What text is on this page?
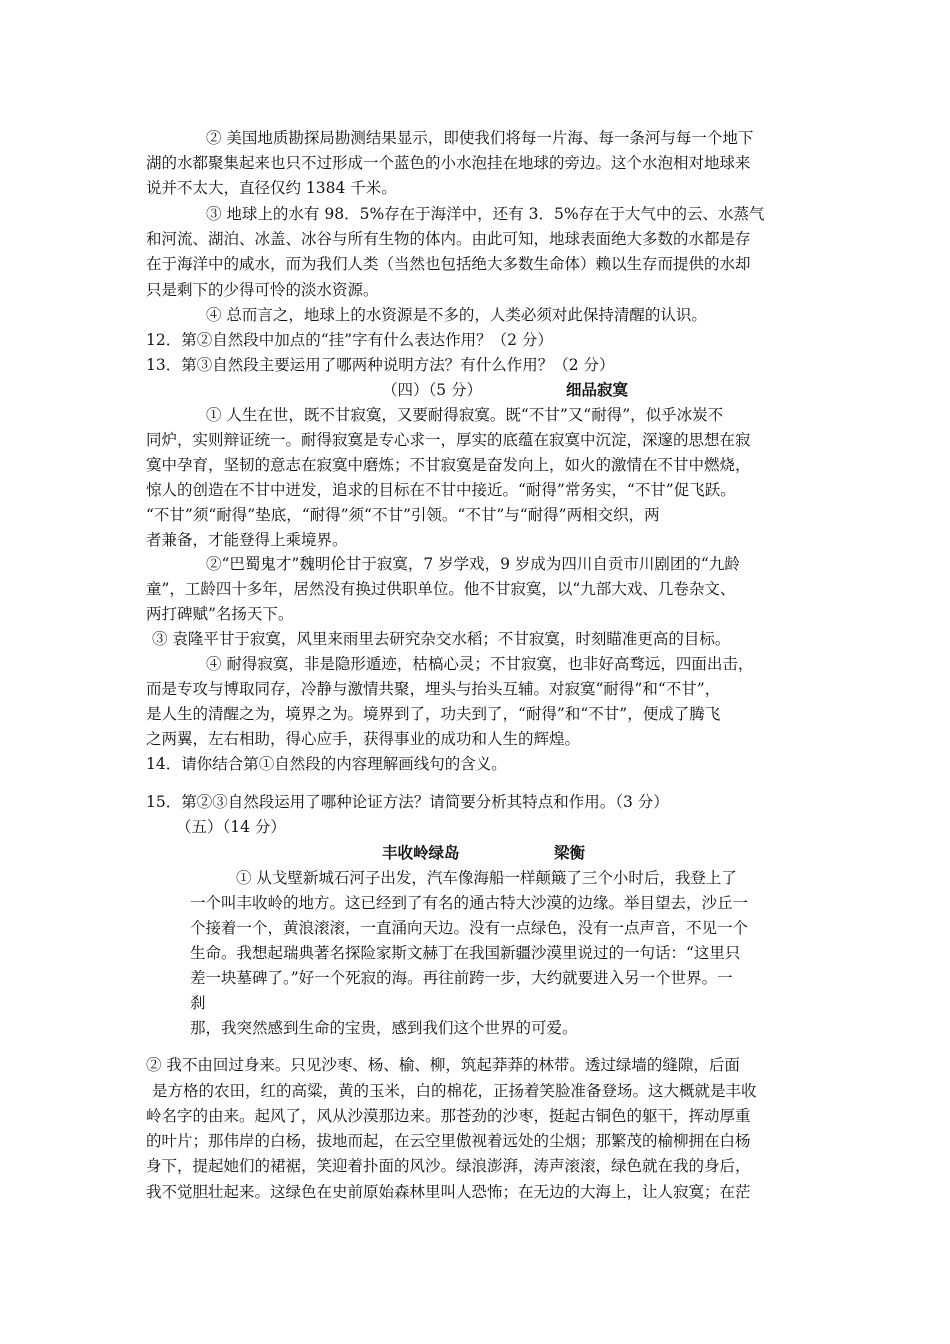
② 美国地质勘探局勘测结果显示，即使我们将每一片海、每一条河与每一个地下
湖的水都聚集起来也只不过形成一个蓝色的小水泡挂在地球的旁边。这个水泡相对地球来
说并不太大，直径仅约 1384 千米。
③ 地球上的水有 98．5%存在于海洋中，还有 3．5%存在于大气中的云、水蒸气
和河流、湖泊、冰盖、冰谷与所有生物的体内。由此可知，地球表面绝大多数的水都是存
在于海洋中的咸水，而为我们人类（当然也包括绝大多数生命体）赖以生存而提供的水却
只是剩下的少得可怜的淡水资源。
④ 总而言之，地球上的水资源是不多的，人类必须对此保持清醒的认识。
12．第②自然段中加点的“挂”字有什么表达作用？（2 分）
13．第③自然段主要运用了哪两种说明方法？有什么作用？（2 分）
（四）（5 分）	细品寂寞
① 人生在世，既不甘寂寞，又要耐得寂寞。既“不甘”又“耐得”，似乎冰炭不
同炉，实则辩证统一。耐得寂寞是专心求一，厚实的底蕴在寂寞中沉淀，深邃的思想在寂
寞中孕育，坚韧的意志在寂寞中磨炼；不甘寂寞是奋发向上，如火的激情在不甘中燃烧，
惊人的创造在不甘中迸发，追求的目标在不甘中接近。“耐得”常务实，“不甘”促飞跃。
“不甘”须“耐得”垫底，“耐得”须“不甘”引领。“不甘”与“耐得”两相交织，两
者兼备，才能登得上乘境界。
②“巴蜀鬼才”魏明伦甘于寂寞，7 岁学戏，9 岁成为四川自贡市川剧团的“九龄
童”，工龄四十多年，居然没有换过供职单位。他不甘寂寞，以“九部大戏、几卷杂文、
两打碑赋”名扬天下。
③ 袁隆平甘于寂寞，风里来雨里去研究杂交水稻；不甘寂寞，时刻瞄准更高的目标。
④ 耐得寂寞，非是隐形遁迹，枯槁心灵；不甘寂寞，也非好高骛远，四面出击，
而是专攻与博取同存，冷静与激情共聚，埋头与抬头互辅。对寂寞“耐得”和“不甘”，
是人生的清醒之为，境界之为。境界到了，功夫到了，“耐得”和“不甘”，便成了腾飞
之两翼，左右相助，得心应手，获得事业的成功和人生的辉煌。
14．请你结合第①自然段的内容理解画线句的含义。
15．第②③自然段运用了哪种论证方法？请简要分析其特点和作用。（3 分）
（五）（14 分）
丰收岭绿岛	梁衡
① 从戈壁新城石河子出发，汽车像海船一样颠簸了三个小时后，我登上了
一个叫丰收岭的地方。这已经到了有名的通古特大沙漠的边缘。举目望去，沙丘一
个接着一个，黄浪滚滚，一直涌向天边。没有一点绿色，没有一点声音，不见一个
生命。我想起瑞典著名探险家斯文赫丁在我国新疆沙漠里说过的一句话：“这里只
差一块墓碑了。”好一个死寂的海。再往前跨一步，大约就要进入另一个世界。一
刹
那，我突然感到生命的宝贵，感到我们这个世界的可爱。
② 我不由回过身来。只见沙枣、杨、榆、柳，筑起莽莽的林带。透过绿墙的缝隙，后面
是方格的农田，红的高粱，黄的玉米，白的棉花，正扬着笑脸准备登场。这大概就是丰收
岭名字的由来。起风了，风从沙漠那边来。那苍劲的沙枣，挺起古铜色的躯干，挥动厚重
的叶片；那伟岸的白杨，拔地而起，在云空里傲视着远处的尘烟；那繁茂的榆柳拥在白杨
身下，提起她们的裙裾，笑迎着扑面的风沙。绿浪澎湃，涛声滚滚，绿色就在我的身后，
我不觉胆壮起来。这绿色在史前原始森林里叫人恐怖；在无边的大海上，让人寂寞；在茫
